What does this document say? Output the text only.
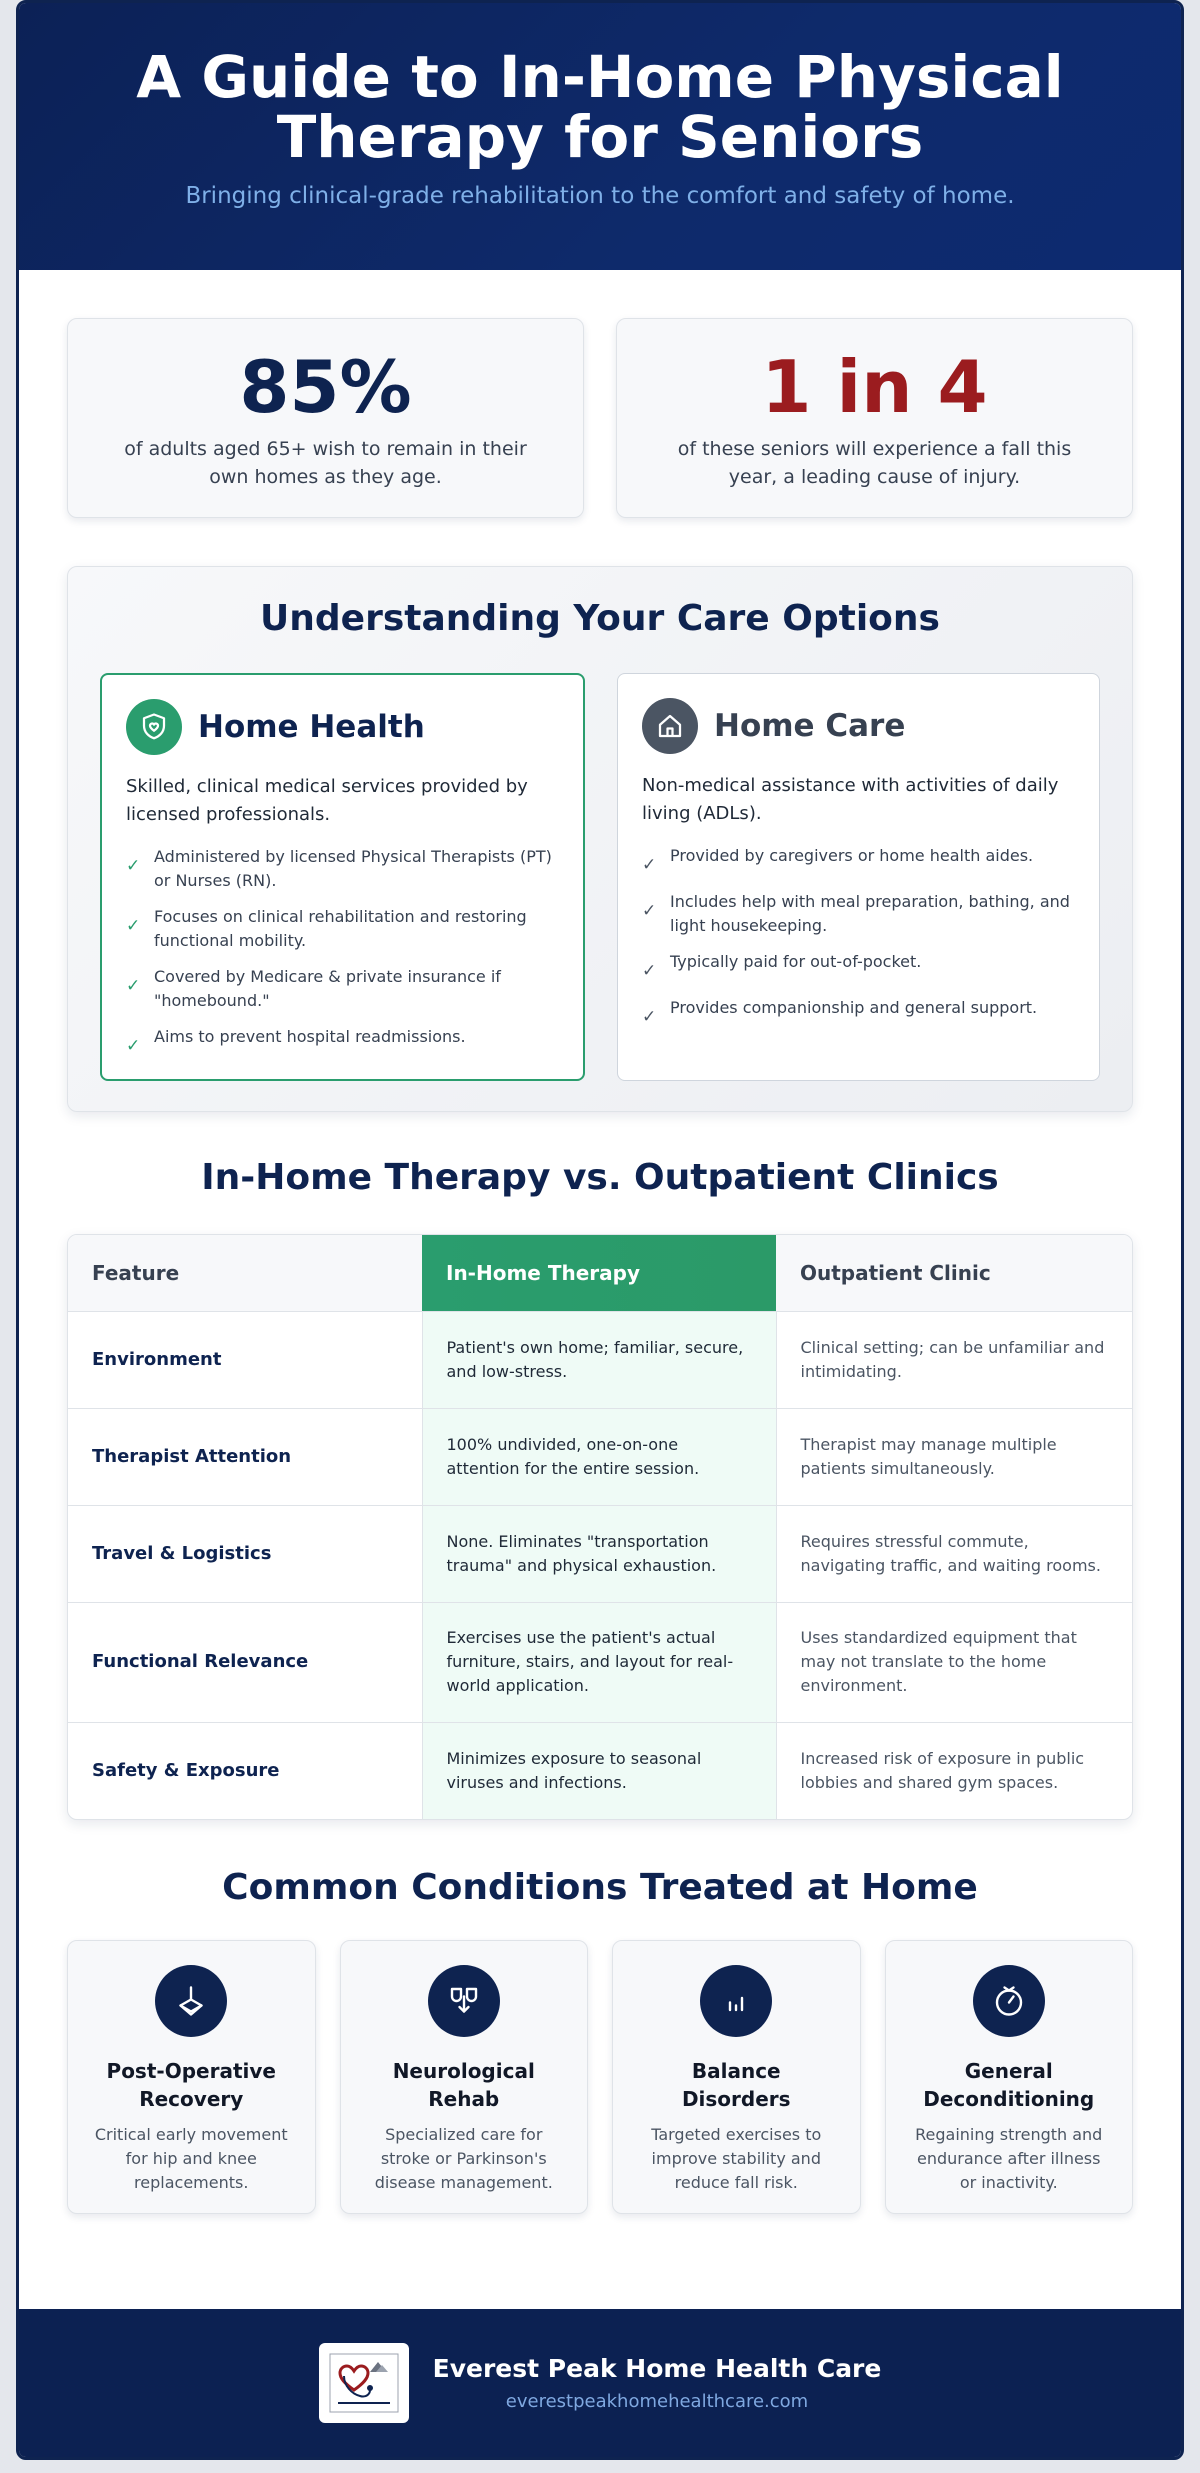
A Guide to In-Home Physical Therapy for Seniors

Bringing clinical-grade rehabilitation to the comfort and safety of home.

85%

of adults aged 65+ wish to remain in their own homes as they age.

1 in 4

of these seniors will experience a fall this year, a leading cause of injury.

Understanding Your Care Options
Home Health

Skilled, clinical medical services provided by licensed professionals.

✓ Administered by licensed Physical Therapists (PT) or Nurses (RN).
✓ Focuses on clinical rehabilitation and restoring functional mobility.
✓ Covered by Medicare & private insurance if "homebound."
✓ Aims to prevent hospital readmissions.
Home Care

Non-medical assistance with activities of daily living (ADLs).

✓ Provided by caregivers or home health aides.
✓ Includes help with meal preparation, bathing, and light housekeeping.
✓ Typically paid for out-of-pocket.
✓ Provides companionship and general support.
In-Home Therapy vs. Outpatient Clinics
Feature	In-Home Therapy	Outpatient Clinic
Environment	Patient's own home; familiar, secure, and low-stress.	Clinical setting; can be unfamiliar and intimidating.
Therapist Attention	100% undivided, one-on-one attention for the entire session.	Therapist may manage multiple patients simultaneously.
Travel & Logistics	None. Eliminates "transportation trauma" and physical exhaustion.	Requires stressful commute, navigating traffic, and waiting rooms.
Functional Relevance	Exercises use the patient's actual furniture, stairs, and layout for real-world application.	Uses standardized equipment that may not translate to the home environment.
Safety & Exposure	Minimizes exposure to seasonal viruses and infections.	Increased risk of exposure in public lobbies and shared gym spaces.
Common Conditions Treated at Home
Post-Operative Recovery

Critical early movement for hip and knee replacements.

Neurological Rehab

Specialized care for stroke or Parkinson's disease management.

Balance Disorders

Targeted exercises to improve stability and reduce fall risk.

General Deconditioning

Regaining strength and endurance after illness or inactivity.

Everest Peak Home Health Care
everestpeakhomehealthcare.com
